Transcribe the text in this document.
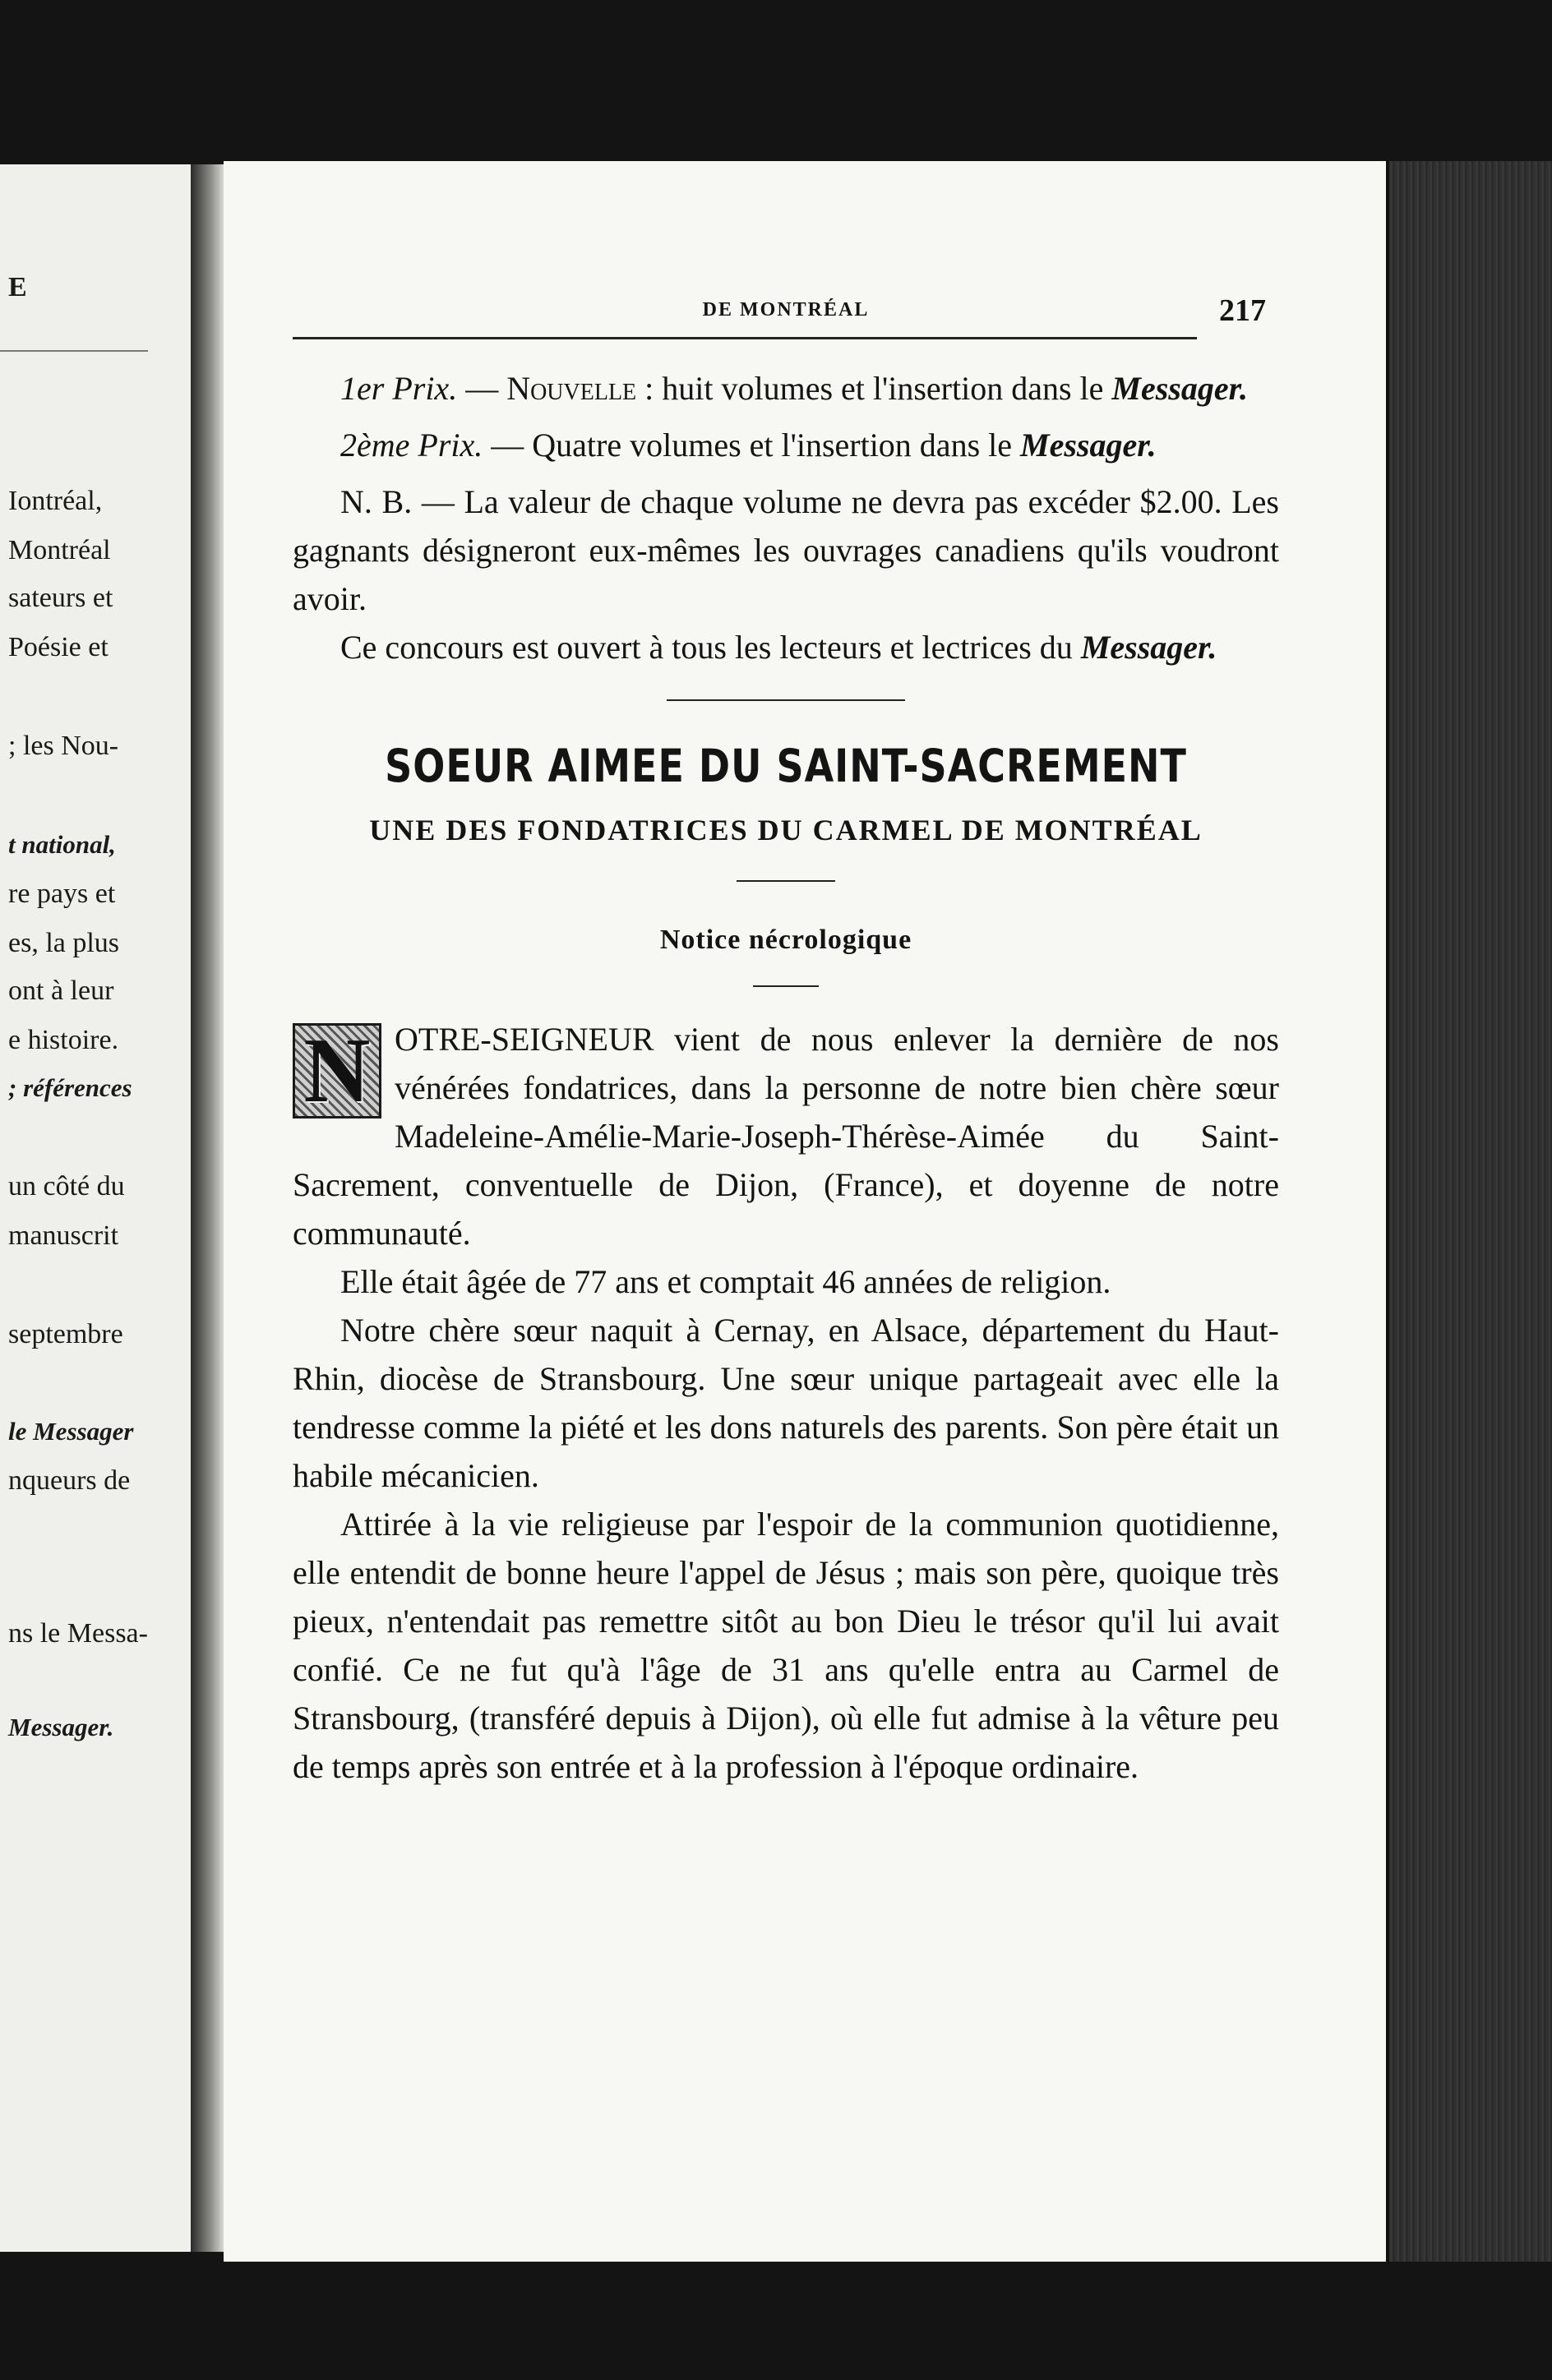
E
Iontréal,
Montréal
sateurs et
Poésie et
; les Nou-
t national,
re pays et
es, la plus
ont à leur
e histoire.
; références
un côté du
manuscrit
septembre
le Messager
nqueurs de
ns le Messa-
Messager.
DE MONTRÉAL	217

1er Prix. — Nouvelle : huit volumes et l'insertion dans le Messager.

2ème Prix. — Quatre volumes et l'insertion dans le Messager.

N. B. — La valeur de chaque volume ne devra pas excéder $2.00. Les gagnants désigneront eux-mêmes les ouvrages canadiens qu'ils voudront avoir.

Ce concours est ouvert à tous les lecteurs et lectrices du Messager.

SOEUR AIMEE DU SAINT-SACREMENT
UNE DES FONDATRICES DU CARMEL DE MONTRÉAL
Notice nécrologique
N OTRE-SEIGNEUR vient de nous enlever la dernière de nos vénérées fondatrices, dans la personne de notre bien chère sœur Madeleine-Amélie-Marie-Joseph-Thérèse-Aimée du Saint-Sacrement, conventuelle de Dijon, (France), et doyenne de notre communauté.

Elle était âgée de 77 ans et comptait 46 années de religion.

Notre chère sœur naquit à Cernay, en Alsace, département du Haut-Rhin, diocèse de Stransbourg. Une sœur unique partageait avec elle la tendresse comme la piété et les dons naturels des parents. Son père était un habile mécanicien.

Attirée à la vie religieuse par l'espoir de la communion quotidienne, elle entendit de bonne heure l'appel de Jésus ; mais son père, quoique très pieux, n'entendait pas remettre sitôt au bon Dieu le trésor qu'il lui avait confié. Ce ne fut qu'à l'âge de 31 ans qu'elle entra au Carmel de Stransbourg, (transféré depuis à Dijon), où elle fut admise à la vêture peu de temps après son entrée et à la profession à l'époque ordinaire.
